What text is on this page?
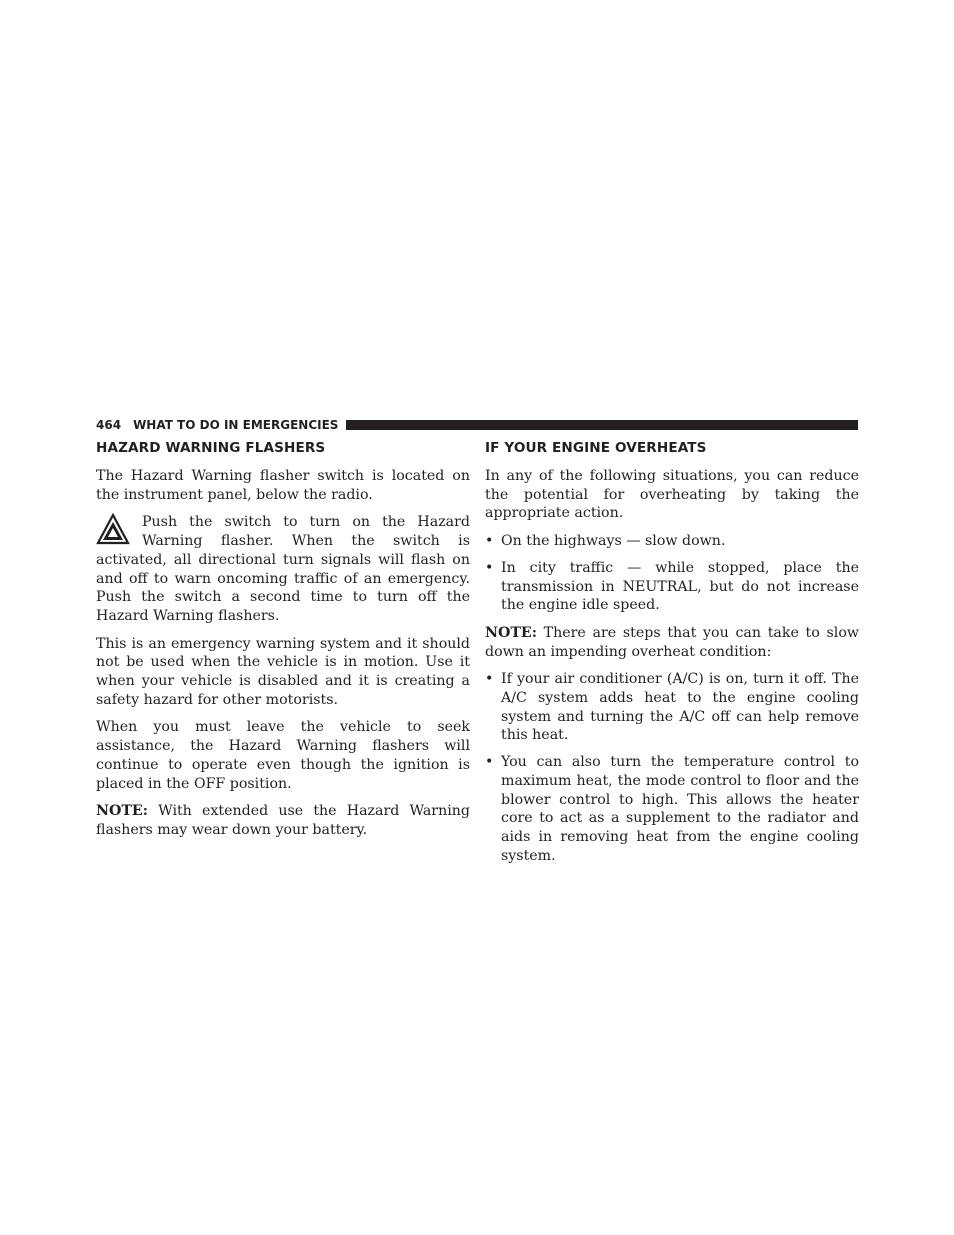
464 WHAT TO DO IN EMERGENCIES
HAZARD WARNING FLASHERS

The Hazard Warning flasher switch is located on the instrument panel, below the radio.

Push the switch to turn on the Hazard Warning flasher. When the switch is activated, all directional turn signals will flash on and off to warn oncoming traffic of an emergency. Push the switch a second time to turn off the Hazard Warning flashers.

This is an emergency warning system and it should not be used when the vehicle is in motion. Use it when your vehicle is disabled and it is creating a safety hazard for other motorists.

When you must leave the vehicle to seek assistance, the Hazard Warning flashers will continue to operate even though the ignition is placed in the OFF position.

NOTE: With extended use the Hazard Warning flashers may wear down your battery.

IF YOUR ENGINE OVERHEATS

In any of the following situations, you can reduce the potential for overheating by taking the appropriate action.

• On the highways — slow down.
• In city traffic — while stopped, place the transmission in NEUTRAL, but do not increase the engine idle speed.

NOTE: There are steps that you can take to slow down an impending overheat condition:

• If your air conditioner (A/C) is on, turn it off. The A/C system adds heat to the engine cooling system and turning the A/C off can help remove this heat.
• You can also turn the temperature control to maximum heat, the mode control to floor and the blower control to high. This allows the heater core to act as a supplement to the radiator and aids in removing heat from the engine cooling system.
